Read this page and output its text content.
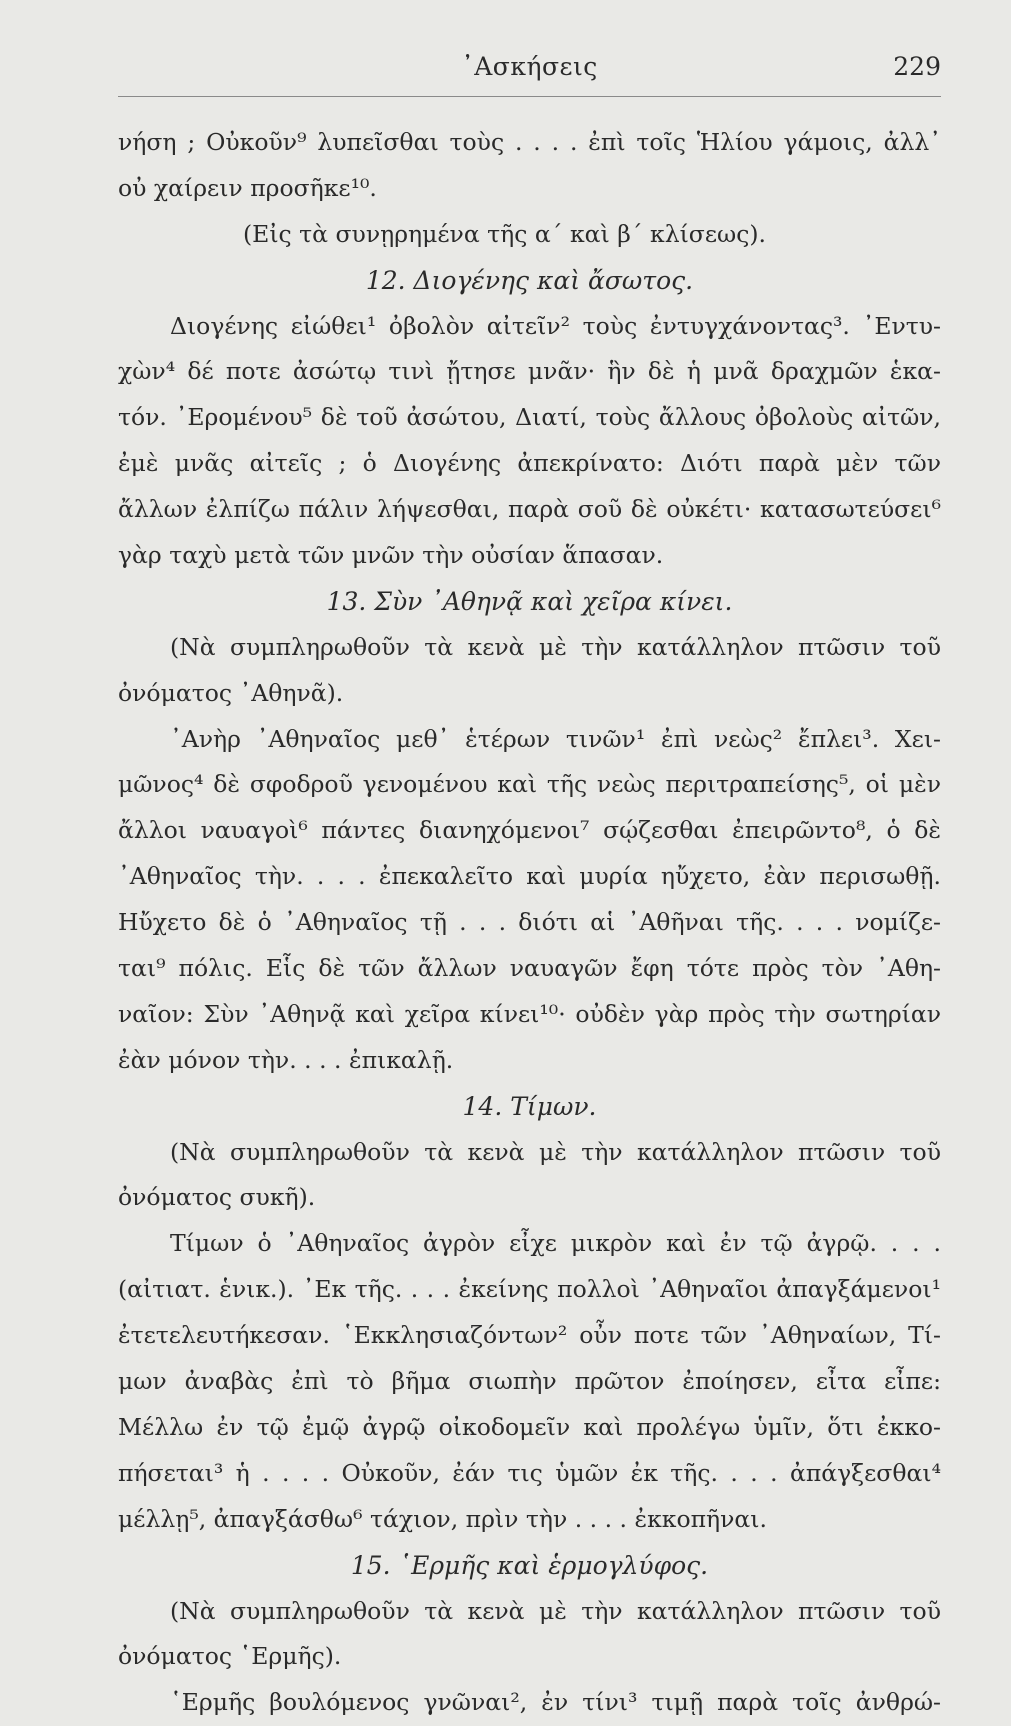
᾿Ασκήσεις	229
νήση ; Οὐκοῦν⁹ λυπεῖσθαι τοὺς . . . . ἐπὶ τοῖς Ἡλίου γάμοις, ἀλλ᾿
οὐ χαίρειν προσῆκε¹⁰.
(Εἰς τὰ συνῃρημένα τῆς α´ καὶ β´ κλίσεως).
12. Διογένης καὶ ἄσωτος.
Διογένης εἰώθει¹ ὀβολὸν αἰτεῖν² τοὺς ἐντυγχάνοντας³. ᾿Εντυ-
χὼν⁴ δέ ποτε ἀσώτῳ τινὶ ᾔτησε μνᾶν· ἣν δὲ ἡ μνᾶ δραχμῶν ἑκα-
τόν. ᾿Ερομένου⁵ δὲ τοῦ ἀσώτου, Διατί, τοὺς ἄλλους ὀβολοὺς αἰτῶν,
ἐμὲ μνᾶς αἰτεῖς ; ὁ Διογένης ἀπεκρίνατο: Διότι παρὰ μὲν τῶν
ἄλλων ἐλπίζω πάλιν λήψεσθαι, παρὰ σοῦ δὲ οὐκέτι· κατασωτεύσει⁶
γὰρ ταχὺ μετὰ τῶν μνῶν τὴν οὐσίαν ἅπασαν.
13. Σὺν ᾿Αθηνᾷ καὶ χεῖρα κίνει.
(Νὰ συμπληρωθοῦν τὰ κενὰ μὲ τὴν κατάλληλον πτῶσιν τοῦ
ὀνόματος ᾿Αθηνᾶ).
᾿Ανὴρ ᾿Αθηναῖος μεθ᾿ ἑτέρων τινῶν¹ ἐπὶ νεὼς² ἔπλει³. Χει-
μῶνος⁴ δὲ σφοδροῦ γενομένου καὶ τῆς νεὼς περιτραπείσης⁵, οἱ μὲν
ἄλλοι ναυαγοὶ⁶ πάντες διανηχόμενοι⁷ σῴζεσθαι ἐπειρῶντο⁸, ὁ δὲ
᾿Αθηναῖος τὴν. . . . ἐπεκαλεῖτο καὶ μυρία ηὔχετο, ἐὰν περισωθῇ.
Ηὔχετο δὲ ὁ ᾿Αθηναῖος τῇ . . . διότι αἱ ᾿Αθῆναι τῆς. . . . νομίζε-
ται⁹ πόλις. Εἷς δὲ τῶν ἄλλων ναυαγῶν ἔφη τότε πρὸς τὸν ᾿Αθη-
ναῖον: Σὺν ᾿Αθηνᾷ καὶ χεῖρα κίνει¹⁰· οὐδὲν γὰρ πρὸς τὴν σωτηρίαν
ἐὰν μόνον τὴν. . . . ἐπικαλῇ.
14. Τίμων.
(Νὰ συμπληρωθοῦν τὰ κενὰ μὲ τὴν κατάλληλον πτῶσιν τοῦ
ὀνόματος συκῆ).
Τίμων ὁ ᾿Αθηναῖος ἀγρὸν εἶχε μικρὸν καὶ ἐν τῷ ἀγρῷ. . . .
(αἰτιατ. ἑνικ.). ᾿Εκ τῆς. . . . ἐκείνης πολλοὶ ᾿Αθηναῖοι ἀπαγξάμενοι¹
ἐτετελευτήκεσαν. ῾Εκκλησιαζόντων² οὖν ποτε τῶν ᾿Αθηναίων, Τί-
μων ἀναβὰς ἐπὶ τὸ βῆμα σιωπὴν πρῶτον ἐποίησεν, εἶτα εἶπε:
Μέλλω ἐν τῷ ἐμῷ ἀγρῷ οἰκοδομεῖν καὶ προλέγω ὑμῖν, ὅτι ἐκκο-
πήσεται³ ἡ . . . . Οὐκοῦν, ἐάν τις ὑμῶν ἐκ τῆς. . . . ἀπάγξεσθαι⁴
μέλλῃ⁵, ἀπαγξάσθω⁶ τάχιον, πρὶν τὴν . . . . ἐκκοπῆναι.
15. ῾Ερμῆς καὶ ἑρμογλύφος.
(Νὰ συμπληρωθοῦν τὰ κενὰ μὲ τὴν κατάλληλον πτῶσιν τοῦ
ὀνόματος ῾Ερμῆς).
῾Ερμῆς βουλόμενος γνῶναι², ἐν τίνι³ τιμῇ παρὰ τοῖς ἀνθρώ-
